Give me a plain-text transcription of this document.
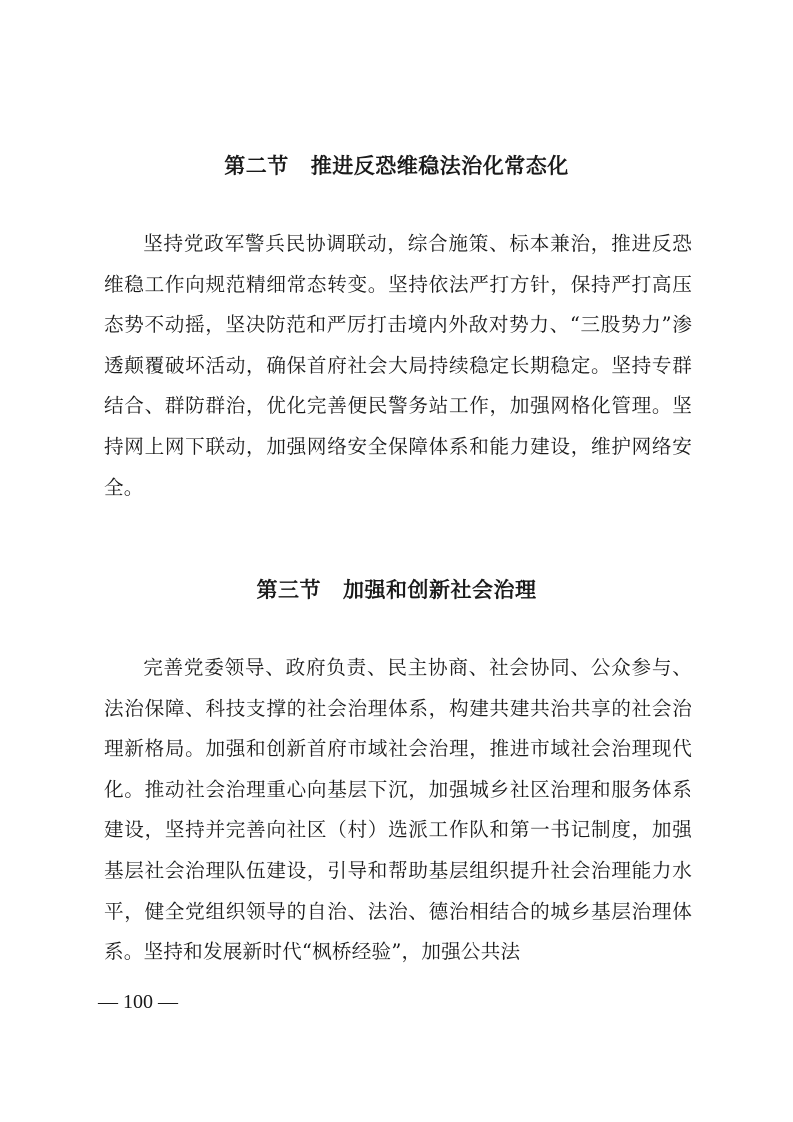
第二节 推进反恐维稳法治化常态化

坚持党政军警兵民协调联动，综合施策、标本兼治，推进反恐维稳工作向规范精细常态转变。坚持依法严打方针，保持严打高压态势不动摇，坚决防范和严厉打击境内外敌对势力、“三股势力”渗透颠覆破坏活动，确保首府社会大局持续稳定长期稳定。坚持专群结合、群防群治，优化完善便民警务站工作，加强网格化管理。坚持网上网下联动，加强网络安全保障体系和能力建设，维护网络安全。

第三节 加强和创新社会治理

完善党委领导、政府负责、民主协商、社会协同、公众参与、法治保障、科技支撑的社会治理体系，构建共建共治共享的社会治理新格局。加强和创新首府市域社会治理，推进市域社会治理现代化。推动社会治理重心向基层下沉，加强城乡社区治理和服务体系建设，坚持并完善向社区（村）选派工作队和第一书记制度，加强基层社会治理队伍建设，引导和帮助基层组织提升社会治理能力水平，健全党组织领导的自治、法治、德治相结合的城乡基层治理体系。坚持和发展新时代“枫桥经验”，加强公共法

— 100 —
